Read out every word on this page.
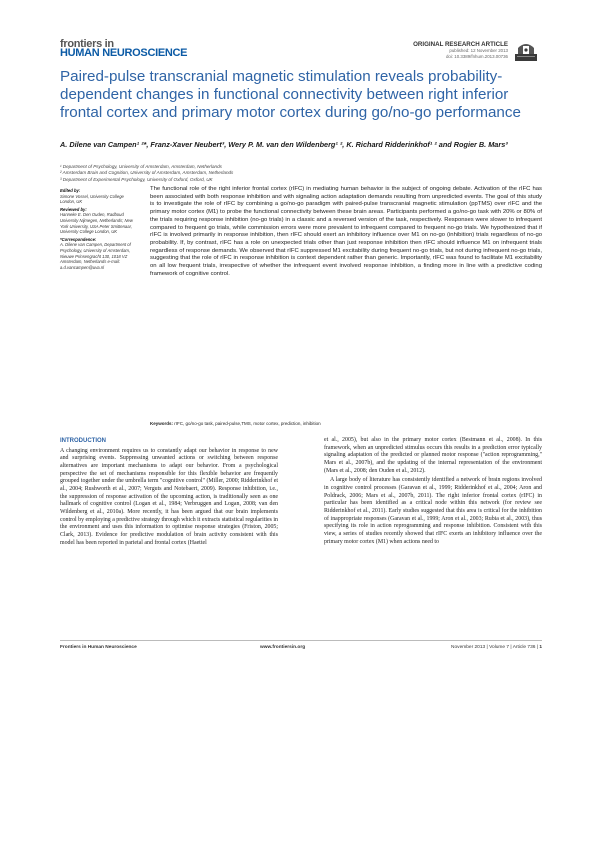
frontiers in
HUMAN NEUROSCIENCE
ORIGINAL RESEARCH ARTICLE
published: 12 November 2013
doi: 10.3389/fnhum.2013.00736
Paired-pulse transcranial magnetic stimulation reveals probability-dependent changes in functional connectivity between right inferior frontal cortex and primary motor cortex during go/no-go performance
A. Dilene van Campen¹ ²*, Franz-Xaver Neubert³, Wery P. M. van den Wildenberg¹ ², K. Richard Ridderinkhof¹ ² and Rogier B. Mars³
¹ Department of Psychology, University of Amsterdam, Amsterdam, Netherlands
² Amsterdam Brain and Cognition, University of Amsterdam, Amsterdam, Netherlands
³ Department of Experimental Psychology, University of Oxford, Oxford, UK
Edited by:
Simone Vossel, University College London, UK
Reviewed by:
Hanneke E. Den Ouden, Radboud University Nijmegen, Netherlands; New York University, USA Peter Smittenaar, University College London, UK
*Correspondence:
A. Dilene van Campen, Department of Psychology, University of Amsterdam, Nieuwe Prinsengracht 130, 1018 VZ Amsterdam, Netherlands e-mail: a.d.vancampen@uva.nl
The functional role of the right inferior frontal cortex (rIFC) in mediating human behavior is the subject of ongoing debate. Activation of the rIFC has been associated with both response inhibition and with signaling action adaptation demands resulting from unpredicted events. The goal of this study is to investigate the role of rIFC by combining a go/no-go paradigm with paired-pulse transcranial magnetic stimulation (ppTMS) over rIFC and the primary motor cortex (M1) to probe the functional connectivity between these brain areas. Participants performed a go/no-go task with 20% or 80% of the trials requiring response inhibition (no-go trials) in a classic and a reversed version of the task, respectively. Responses were slower to infrequent compared to frequent go trials, while commission errors were more prevalent to infrequent compared to frequent no-go trials. We hypothesized that if rIFC is involved primarily in response inhibition, then rIFC should exert an inhibitory influence over M1 on no-go (inhibition) trials regardless of no-go probability. If, by contrast, rIFC has a role on unexpected trials other than just response inhibition then rIFC should influence M1 on infrequent trials regardless of response demands. We observed that rIFC suppressed M1 excitability during frequent no-go trials, but not during infrequent no-go trials, suggesting that the role of rIFC in response inhibition is context dependent rather than generic. Importantly, rIFC was found to facilitate M1 excitability on all low frequent trials, irrespective of whether the infrequent event involved response inhibition, a finding more in line with a predictive coding framework of cognitive control.
Keywords: rIFC, go/no-go task, paired-pulse,TMS, motor cortex, prediction, inhibition
INTRODUCTION

A changing environment requires us to constantly adapt our behavior in response to new and surprising events. Suppressing unwanted actions or switching between response alternatives are important mechanisms to adapt our behavior. From a psychological perspective the set of mechanisms responsible for this flexible behavior are frequently grouped together under the umbrella term "cognitive control" (Miller, 2000; Ridderinkhof et al., 2004; Rushworth et al., 2007; Verguts and Notebaert, 2009). Response inhibition, i.e., the suppression of response activation of the upcoming action, is traditionally seen as one hallmark of cognitive control (Logan et al., 1984; Verbruggen and Logan, 2008; van den Wildenberg et al., 2010a). More recently, it has been argued that our brain implements control by employing a predictive strategy through which it extracts statistical regularities in the environment and uses this information to optimise response strategies (Friston, 2005; Clark, 2013). Evidence for predictive modulation of brain activity consistent with this model has been reported in parietal and frontal cortex (Haettel

et al., 2005), but also in the primary motor cortex (Bestmann et al., 2008). In this framework, when an unpredicted stimulus occurs this results in a prediction error typically signaling adaptation of the predicted or planned motor response ("action reprogramming," Mars et al., 2007b), and the updating of the internal representation of the environment (Mars et al., 2008; den Ouden et al., 2012).

A large body of literature has consistently identified a network of brain regions involved in cognitive control processes (Garavan et al., 1999; Ridderinkhof et al., 2004; Aron and Poldrack, 2006; Mars et al., 2007b, 2011). The right inferior frontal cortex (rIFC) in particular has been identified as a critical node within this network (for review see Ridderinkhof et al., 2011). Early studies suggested that this area is critical for the inhibition of inappropriate responses (Garavan et al., 1999; Aron et al., 2003; Rubia et al., 2003), thus specifying its role in action reprogramming and response inhibition. Consistent with this view, a series of studies recently showed that rIFC exerts an inhibitory influence over the primary motor cortex (M1) when actions need to

Frontiers in Human Neuroscience	www.frontiersin.org	November 2013 | Volume 7 | Article 736 | 1
